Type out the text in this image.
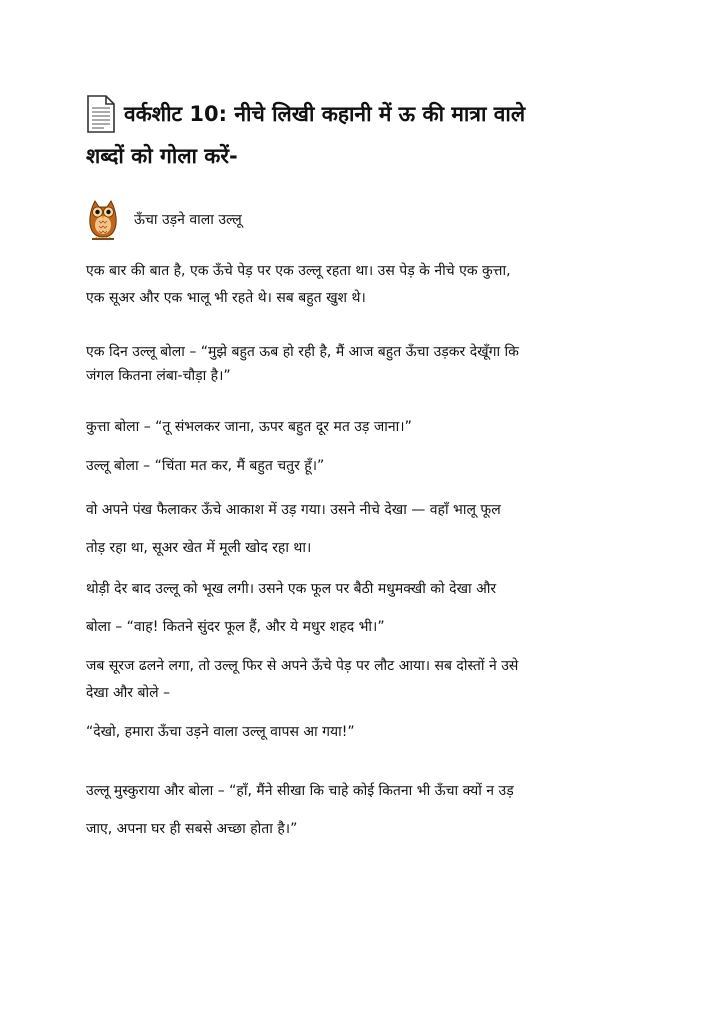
वर्कशीट 10: नीचे लिखी कहानी में ऊ की मात्रा वाले
शब्दों को गोला करें-
ऊँचा उड़ने वाला उल्लू
एक बार की बात है, एक ऊँचे पेड़ पर एक उल्लू रहता था। उस पेड़ के नीचे एक कुत्ता,
एक सूअर और एक भालू भी रहते थे। सब बहुत खुश थे।
एक दिन उल्लू बोला – “मुझे बहुत ऊब हो रही है, मैं आज बहुत ऊँचा उड़कर देखूँगा कि
जंगल कितना लंबा-चौड़ा है।”
कुत्ता बोला – “तू संभलकर जाना, ऊपर बहुत दूर मत उड़ जाना।”
उल्लू बोला – “चिंता मत कर, मैं बहुत चतुर हूँ।”
वो अपने पंख फैलाकर ऊँचे आकाश में उड़ गया। उसने नीचे देखा — वहाँ भालू फूल
तोड़ रहा था, सूअर खेत में मूली खोद रहा था।
थोड़ी देर बाद उल्लू को भूख लगी। उसने एक फूल पर बैठी मधुमक्खी को देखा और
बोला – “वाह! कितने सुंदर फूल हैं, और ये मधुर शहद भी।”
जब सूरज ढलने लगा, तो उल्लू फिर से अपने ऊँचे पेड़ पर लौट आया। सब दोस्तों ने उसे
देखा और बोले –
“देखो, हमारा ऊँचा उड़ने वाला उल्लू वापस आ गया!”
उल्लू मुस्कुराया और बोला – “हाँ, मैंने सीखा कि चाहे कोई कितना भी ऊँचा क्यों न उड़
जाए, अपना घर ही सबसे अच्छा होता है।”
